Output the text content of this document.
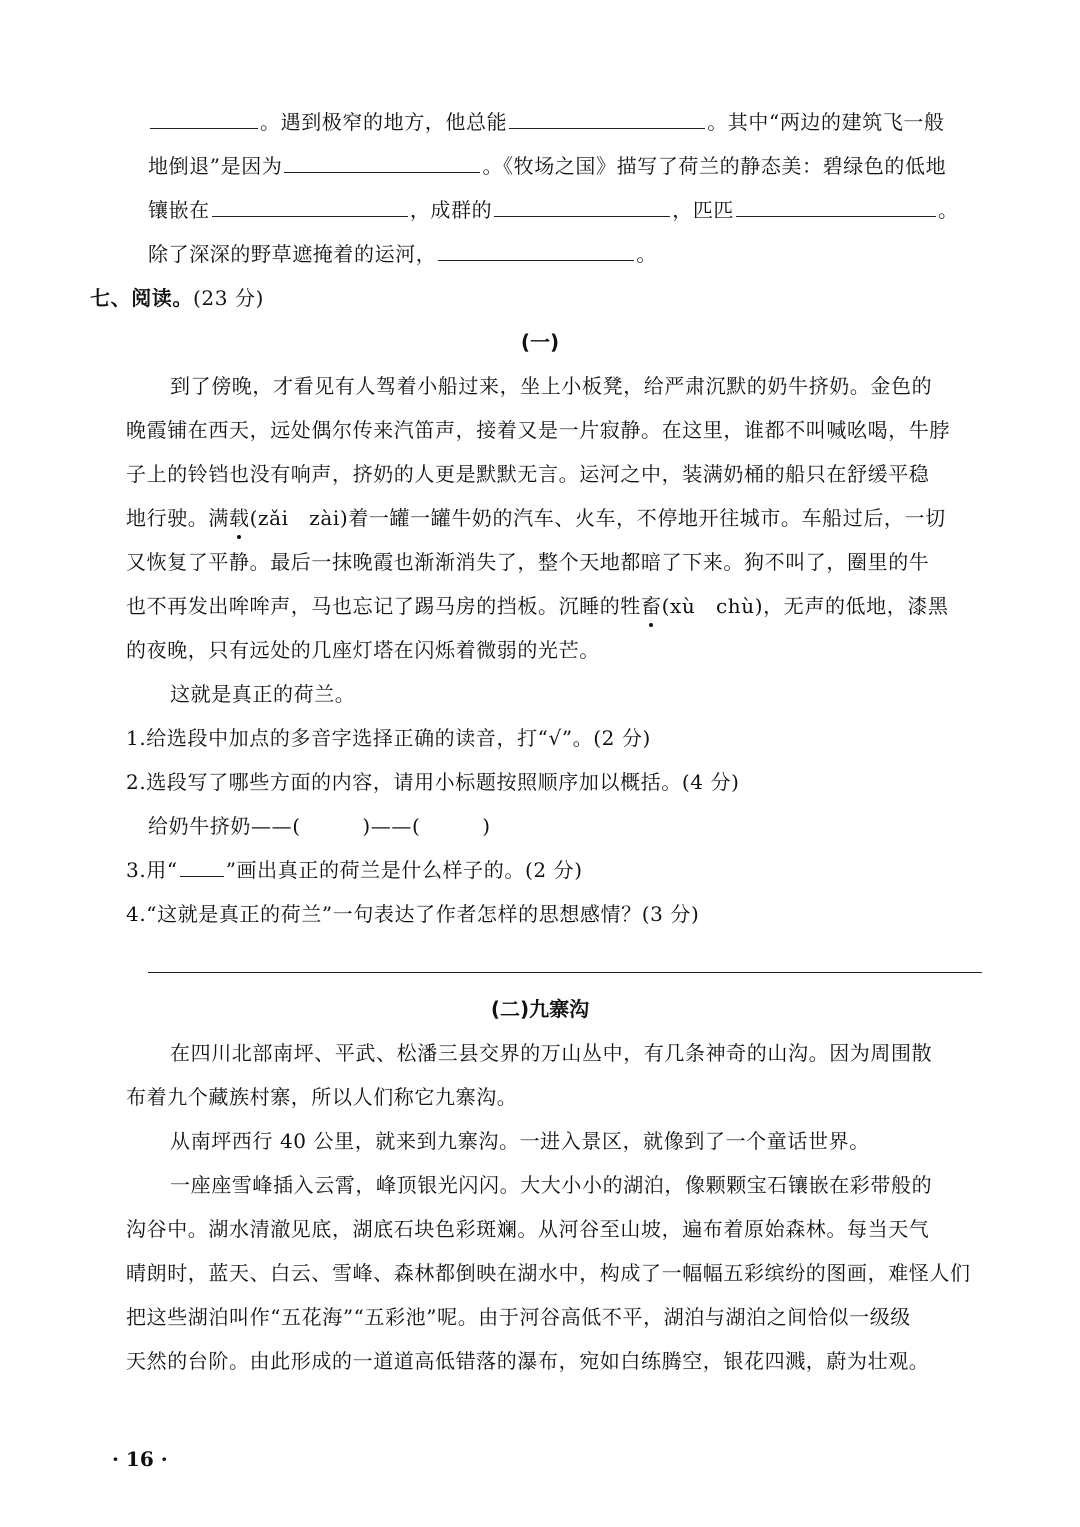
。遇到极窄的地方，他总能	。其中“两边的建筑飞一般
地倒退”是因为	。《牧场之国》描写了荷兰的静态美：碧绿色的低地
镶嵌在	，成群的	，匹匹	。
除了深深的野草遮掩着的运河，	。
七、阅读。(23 分)
(一)
到了傍晚，才看见有人驾着小船过来，坐上小板凳，给严肃沉默的奶牛挤奶。金色的
晚霞铺在西天，远处偶尔传来汽笛声，接着又是一片寂静。在这里，谁都不叫喊吆喝，牛脖
子上的铃铛也没有响声，挤奶的人更是默默无言。运河之中，装满奶桶的船只在舒缓平稳
地行驶。满载(zǎi　zài)着一罐一罐牛奶的汽车、火车，不停地开往城市。车船过后，一切
又恢复了平静。最后一抹晚霞也渐渐消失了，整个天地都暗了下来。狗不叫了，圈里的牛
也不再发出哞哞声，马也忘记了踢马房的挡板。沉睡的牲畜(xù　chù)，无声的低地，漆黑
的夜晚，只有远处的几座灯塔在闪烁着微弱的光芒。
这就是真正的荷兰。
1.给选段中加点的多音字选择正确的读音，打“√”。(2 分)
2.选段写了哪些方面的内容，请用小标题按照顺序加以概括。(4 分)
给奶牛挤奶——(　　　)——(　　　)
3.用“ ”画出真正的荷兰是什么样子的。(2 分)
4.“这就是真正的荷兰”一句表达了作者怎样的思想感情？(3 分)
(二)九寨沟
在四川北部南坪、平武、松潘三县交界的万山丛中，有几条神奇的山沟。因为周围散
布着九个藏族村寨，所以人们称它九寨沟。
从南坪西行 40 公里，就来到九寨沟。一进入景区，就像到了一个童话世界。
一座座雪峰插入云霄，峰顶银光闪闪。大大小小的湖泊，像颗颗宝石镶嵌在彩带般的
沟谷中。湖水清澈见底，湖底石块色彩斑斓。从河谷至山坡，遍布着原始森林。每当天气
晴朗时，蓝天、白云、雪峰、森林都倒映在湖水中，构成了一幅幅五彩缤纷的图画，难怪人们
把这些湖泊叫作“五花海”“五彩池”呢。由于河谷高低不平，湖泊与湖泊之间恰似一级级
天然的台阶。由此形成的一道道高低错落的瀑布，宛如白练腾空，银花四溅，蔚为壮观。
· 16 ·
